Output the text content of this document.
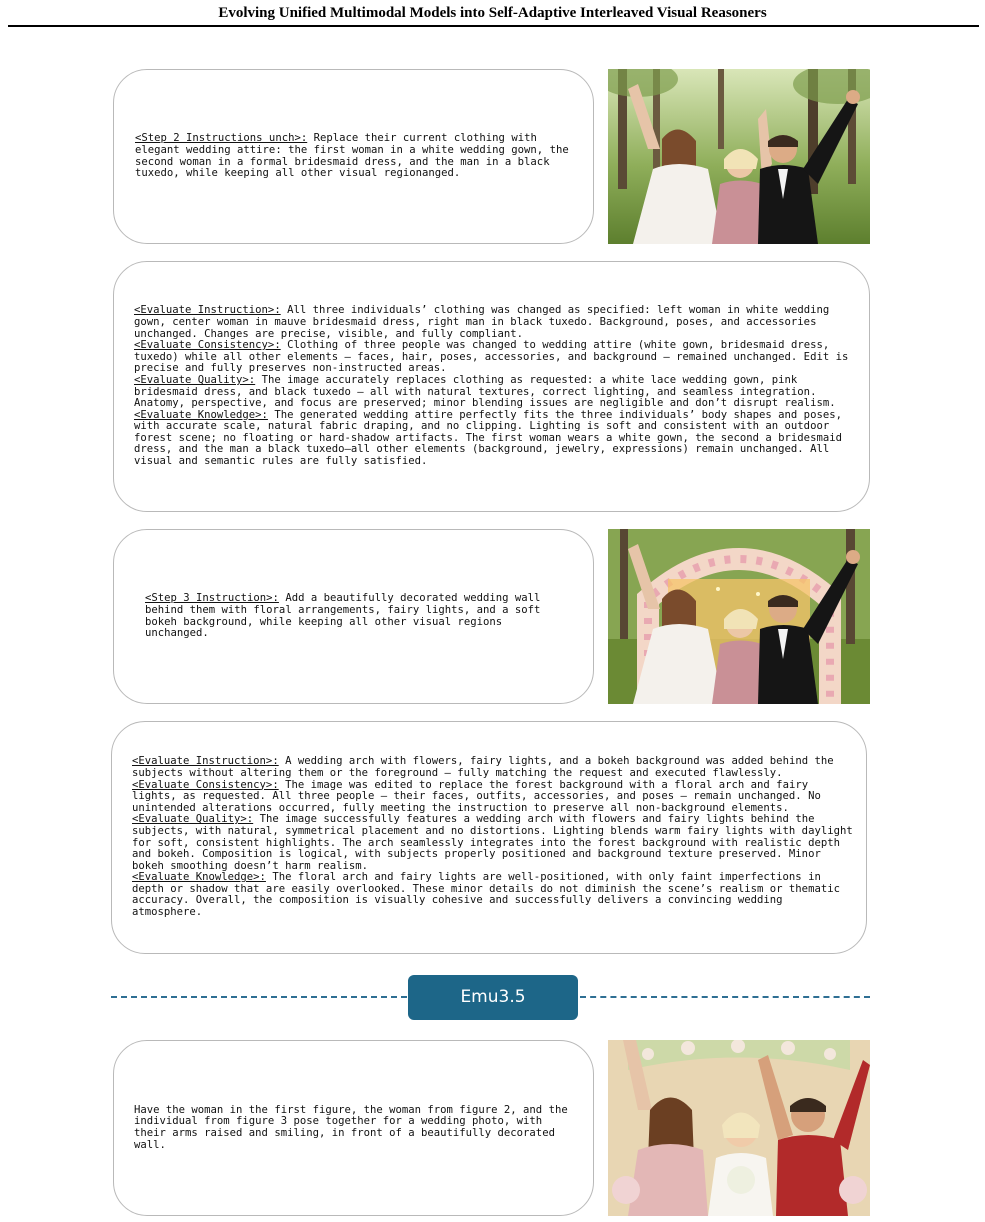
Evolving Unified Multimodal Models into Self-Adaptive Interleaved Visual Reasoners
<Step 2 Instructions unch>: Replace their current clothing with elegant wedding attire: the first woman in a white wedding gown, the second woman in a formal bridesmaid dress, and the man in a black tuxedo, while keeping all other visual regionanged.
<Evaluate Instruction>: All three individuals’ clothing was changed as specified: left woman in white wedding gown, center woman in mauve bridesmaid dress, right man in black tuxedo. Background, poses, and accessories unchanged. Changes are precise, visible, and fully compliant.
<Evaluate Consistency>: Clothing of three people was changed to wedding attire (white gown, bridesmaid dress, tuxedo) while all other elements — faces, hair, poses, accessories, and background — remained unchanged. Edit is precise and fully preserves non-instructed areas.
<Evaluate Quality>: The image accurately replaces clothing as requested: a white lace wedding gown, pink bridesmaid dress, and black tuxedo — all with natural textures, correct lighting, and seamless integration. Anatomy, perspective, and focus are preserved; minor blending issues are negligible and don’t disrupt realism.
<Evaluate Knowledge>: The generated wedding attire perfectly fits the three individuals’ body shapes and poses, with accurate scale, natural fabric draping, and no clipping. Lighting is soft and consistent with an outdoor forest scene; no floating or hard-shadow artifacts. The first woman wears a white gown, the second a bridesmaid dress, and the man a black tuxedo—all other elements (background, jewelry, expressions) remain unchanged. All visual and semantic rules are fully satisfied.
<Step 3 Instruction>: Add a beautifully decorated wedding wall behind them with floral arrangements, fairy lights, and a soft bokeh background, while keeping all other visual regions unchanged.
<Evaluate Instruction>: A wedding arch with flowers, fairy lights, and a bokeh background was added behind the subjects without altering them or the foreground — fully matching the request and executed flawlessly.
<Evaluate Consistency>: The image was edited to replace the forest background with a floral arch and fairy lights, as requested. All three people — their faces, outfits, accessories, and poses — remain unchanged. No unintended alterations occurred, fully meeting the instruction to preserve all non-background elements.
<Evaluate Quality>: The image successfully features a wedding arch with flowers and fairy lights behind the subjects, with natural, symmetrical placement and no distortions. Lighting blends warm fairy lights with daylight for soft, consistent highlights. The arch seamlessly integrates into the forest background with realistic depth and bokeh. Composition is logical, with subjects properly positioned and background texture preserved. Minor bokeh smoothing doesn’t harm realism.
<Evaluate Knowledge>: The floral arch and fairy lights are well-positioned, with only faint imperfections in depth or shadow that are easily overlooked. These minor details do not diminish the scene’s realism or thematic accuracy. Overall, the composition is visually cohesive and successfully delivers a convincing wedding atmosphere.
Emu3.5
Have the woman in the first figure, the woman from figure 2, and the individual from figure 3 pose together for a wedding photo, with their arms raised and smiling, in front of a beautifully decorated wall.
